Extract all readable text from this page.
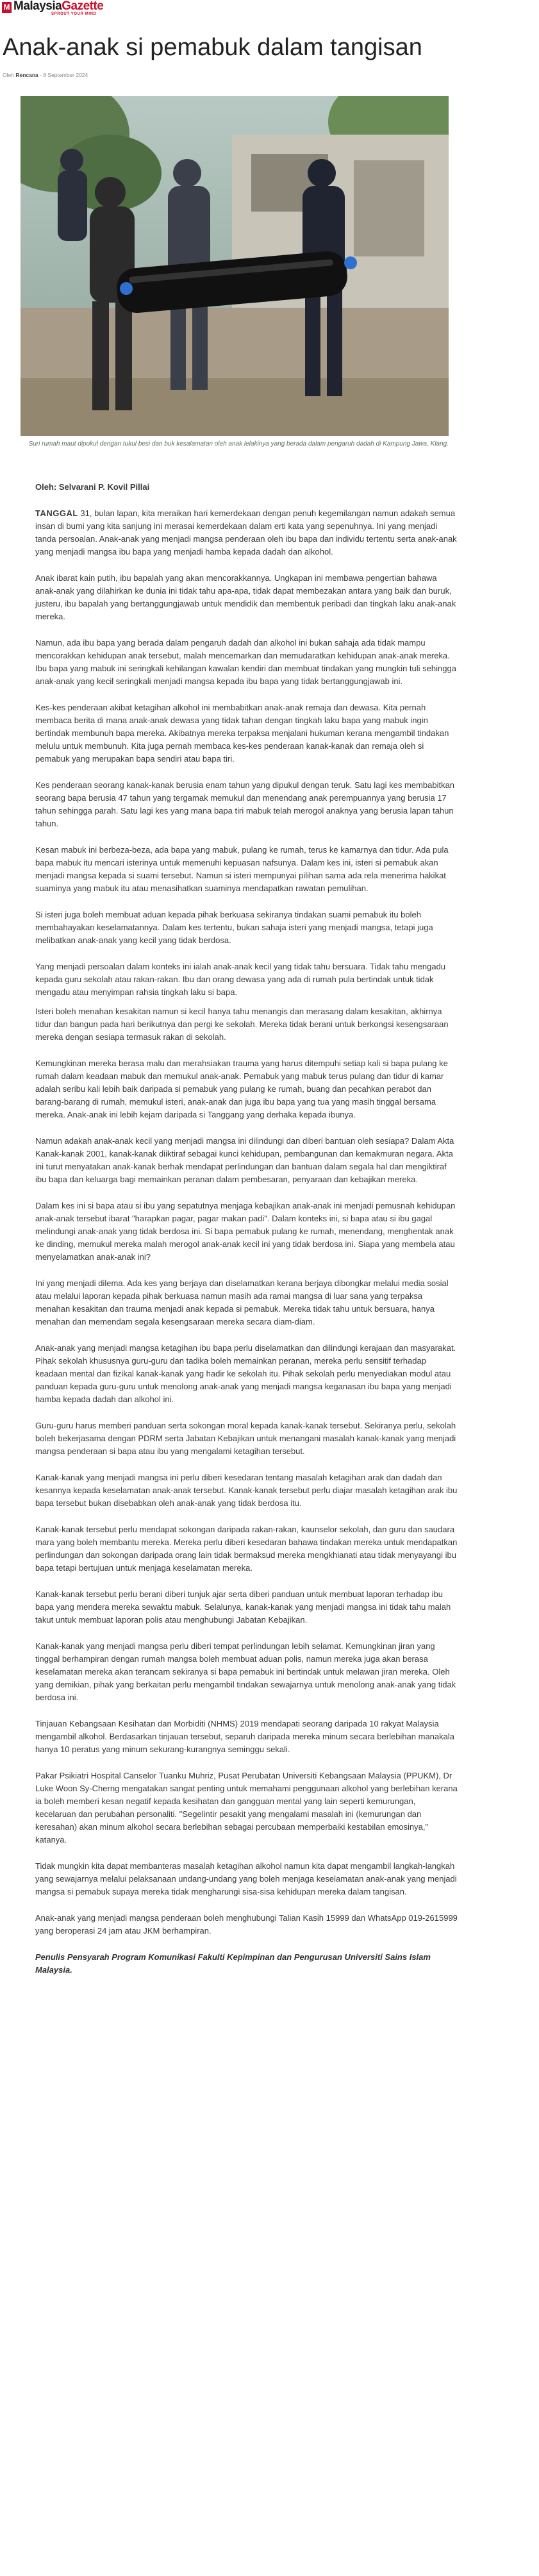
M MalaysiaGazette
SPROUT YOUR MIND
Anak-anak si pemabuk dalam tangisan
Oleh Rencana - 8 September 2024
Suri rumah maut dipukul dengan tukul besi dan buk kesalamatan oleh anak lelakinya yang berada dalam pengaruh dadah di Kampung Jawa, Klang.

Oleh: Selvarani P. Kovil Pillai

TANGGAL 31, bulan lapan, kita meraikan hari kemerdekaan dengan penuh kegemilangan namun adakah semua insan di bumi yang kita sanjung ini merasai kemerdekaan dalam erti kata yang sepenuhnya. Ini yang menjadi tanda persoalan. Anak-anak yang menjadi mangsa penderaan oleh ibu bapa dan individu tertentu serta anak-anak yang menjadi mangsa ibu bapa yang menjadi hamba kepada dadah dan alkohol.

Anak ibarat kain putih, ibu bapalah yang akan mencorakkannya. Ungkapan ini membawa pengertian bahawa anak-anak yang dilahirkan ke dunia ini tidak tahu apa-apa, tidak dapat membezakan antara yang baik dan buruk, justeru, ibu bapalah yang bertanggungjawab untuk mendidik dan membentuk peribadi dan tingkah laku anak-anak mereka.

Namun, ada ibu bapa yang berada dalam pengaruh dadah dan alkohol ini bukan sahaja ada tidak mampu mencorakkan kehidupan anak tersebut, malah mencemarkan dan memudaratkan kehidupan anak-anak mereka. Ibu bapa yang mabuk ini seringkali kehilangan kawalan kendiri dan membuat tindakan yang mungkin tuli sehingga anak-anak yang kecil seringkali menjadi mangsa kepada ibu bapa yang tidak bertanggungjawab ini.

Kes-kes penderaan akibat ketagihan alkohol ini membabitkan anak-anak remaja dan dewasa. Kita pernah membaca berita di mana anak-anak dewasa yang tidak tahan dengan tingkah laku bapa yang mabuk ingin bertindak membunuh bapa mereka. Akibatnya mereka terpaksa menjalani hukuman kerana mengambil tindakan melulu untuk membunuh. Kita juga pernah membaca kes-kes penderaan kanak-kanak dan remaja oleh si pemabuk yang merupakan bapa sendiri atau bapa tiri.

Kes penderaan seorang kanak-kanak berusia enam tahun yang dipukul dengan teruk. Satu lagi kes membabitkan seorang bapa berusia 47 tahun yang tergamak memukul dan menendang anak perempuannya yang berusia 17 tahun sehingga parah. Satu lagi kes yang mana bapa tiri mabuk telah merogol anaknya yang berusia lapan tahun tahun.

Kesan mabuk ini berbeza-beza, ada bapa yang mabuk, pulang ke rumah, terus ke kamarnya dan tidur. Ada pula bapa mabuk itu mencari isterinya untuk memenuhi kepuasan nafsunya. Dalam kes ini, isteri si pemabuk akan menjadi mangsa kepada si suami tersebut. Namun si isteri mempunyai pilihan sama ada rela menerima hakikat suaminya yang mabuk itu atau menasihatkan suaminya mendapatkan rawatan pemulihan.

Si isteri juga boleh membuat aduan kepada pihak berkuasa sekiranya tindakan suami pemabuk itu boleh membahayakan keselamatannya. Dalam kes tertentu, bukan sahaja isteri yang menjadi mangsa, tetapi juga melibatkan anak-anak yang kecil yang tidak berdosa.

Yang menjadi persoalan dalam konteks ini ialah anak-anak kecil yang tidak tahu bersuara. Tidak tahu mengadu kepada guru sekolah atau rakan-rakan. Ibu dan orang dewasa yang ada di rumah pula bertindak untuk tidak mengadu atau menyimpan rahsia tingkah laku si bapa.

Isteri boleh menahan kesakitan namun si kecil hanya tahu menangis dan merasang dalam kesakitan, akhirnya tidur dan bangun pada hari berikutnya dan pergi ke sekolah. Mereka tidak berani untuk berkongsi kesengsaraan mereka dengan sesiapa termasuk rakan di sekolah.

Kemungkinan mereka berasa malu dan merahsiakan trauma yang harus ditempuhi setiap kali si bapa pulang ke rumah dalam keadaan mabuk dan memukul anak-anak. Pemabuk yang mabuk terus pulang dan tidur di kamar adalah seribu kali lebih baik daripada si pemabuk yang pulang ke rumah, buang dan pecahkan perabot dan barang-barang di rumah, memukul isteri, anak-anak dan juga ibu bapa yang tua yang masih tinggal bersama mereka. Anak-anak ini lebih kejam daripada si Tanggang yang derhaka kepada ibunya.

Namun adakah anak-anak kecil yang menjadi mangsa ini dilindungi dan diberi bantuan oleh sesiapa? Dalam Akta Kanak-kanak 2001, kanak-kanak diiktiraf sebagai kunci kehidupan, pembangunan dan kemakmuran negara. Akta ini turut menyatakan anak-kanak berhak mendapat perlindungan dan bantuan dalam segala hal dan mengiktiraf ibu bapa dan keluarga bagi memainkan peranan dalam pembesaran, penyaraan dan kebajikan mereka.

Dalam kes ini si bapa atau si ibu yang sepatutnya menjaga kebajikan anak-anak ini menjadi pemusnah kehidupan anak-anak tersebut ibarat "harapkan pagar, pagar makan padi". Dalam konteks ini, si bapa atau si ibu gagal melindungi anak-anak yang tidak berdosa ini. Si bapa pemabuk pulang ke rumah, menendang, menghentak anak ke dinding, memukul mereka malah merogol anak-anak kecil ini yang tidak berdosa ini. Siapa yang membela atau menyelamatkan anak-anak ini?

Ini yang menjadi dilema. Ada kes yang berjaya dan diselamatkan kerana berjaya dibongkar melalui media sosial atau melalui laporan kepada pihak berkuasa namun masih ada ramai mangsa di luar sana yang terpaksa menahan kesakitan dan trauma menjadi anak kepada si pemabuk. Mereka tidak tahu untuk bersuara, hanya menahan dan memendam segala kesengsaraan mereka secara diam-diam.

Anak-anak yang menjadi mangsa ketagihan ibu bapa perlu diselamatkan dan dilindungi kerajaan dan masyarakat. Pihak sekolah khususnya guru-guru dan tadika boleh memainkan peranan, mereka perlu sensitif terhadap keadaan mental dan fizikal kanak-kanak yang hadir ke sekolah itu. Pihak sekolah perlu menyediakan modul atau panduan kepada guru-guru untuk menolong anak-anak yang menjadi mangsa keganasan ibu bapa yang menjadi hamba kepada dadah dan alkohol ini.

Guru-guru harus memberi panduan serta sokongan moral kepada kanak-kanak tersebut. Sekiranya perlu, sekolah boleh bekerjasama dengan PDRM serta Jabatan Kebajikan untuk menangani masalah kanak-kanak yang menjadi mangsa penderaan si bapa atau ibu yang mengalami ketagihan tersebut.

Kanak-kanak yang menjadi mangsa ini perlu diberi kesedaran tentang masalah ketagihan arak dan dadah dan kesannya kepada keselamatan anak-anak tersebut. Kanak-kanak tersebut perlu diajar masalah ketagihan arak ibu bapa tersebut bukan disebabkan oleh anak-anak yang tidak berdosa itu.

Kanak-kanak tersebut perlu mendapat sokongan daripada rakan-rakan, kaunselor sekolah, dan guru dan saudara mara yang boleh membantu mereka. Mereka perlu diberi kesedaran bahawa tindakan mereka untuk mendapatkan perlindungan dan sokongan daripada orang lain tidak bermaksud mereka mengkhianati atau tidak menyayangi ibu bapa tetapi bertujuan untuk menjaga keselamatan mereka.

Kanak-kanak tersebut perlu berani diberi tunjuk ajar serta diberi panduan untuk membuat laporan terhadap ibu bapa yang mendera mereka sewaktu mabuk. Selalunya, kanak-kanak yang menjadi mangsa ini tidak tahu malah takut untuk membuat laporan polis atau menghubungi Jabatan Kebajikan.

Kanak-kanak yang menjadi mangsa perlu diberi tempat perlindungan lebih selamat. Kemungkinan jiran yang tinggal berhampiran dengan rumah mangsa boleh membuat aduan polis, namun mereka juga akan berasa keselamatan mereka akan terancam sekiranya si bapa pemabuk ini bertindak untuk melawan jiran mereka. Oleh yang demikian, pihak yang berkaitan perlu mengambil tindakan sewajarnya untuk menolong anak-anak yang tidak berdosa ini.

Tinjauan Kebangsaan Kesihatan dan Morbiditi (NHMS) 2019 mendapati seorang daripada 10 rakyat Malaysia mengambil alkohol. Berdasarkan tinjauan tersebut, separuh daripada mereka minum secara berlebihan manakala hanya 10 peratus yang minum sekurang-kurangnya seminggu sekali.

Pakar Psikiatri Hospital Canselor Tuanku Muhriz, Pusat Perubatan Universiti Kebangsaan Malaysia (PPUKM), Dr Luke Woon Sy-Cherng mengatakan sangat penting untuk memahami penggunaan alkohol yang berlebihan kerana ia boleh memberi kesan negatif kepada kesihatan dan gangguan mental yang lain seperti kemurungan, kecelaruan dan perubahan personaliti. "Segelintir pesakit yang mengalami masalah ini (kemurungan dan keresahan) akan minum alkohol secara berlebihan sebagai percubaan memperbaiki kestabilan emosinya," katanya.

Tidak mungkin kita dapat membanteras masalah ketagihan alkohol namun kita dapat mengambil langkah-langkah yang sewajarnya melalui pelaksanaan undang-undang yang boleh menjaga keselamatan anak-anak yang menjadi mangsa si pemabuk supaya mereka tidak mengharungi sisa-sisa kehidupan mereka dalam tangisan.

Anak-anak yang menjadi mangsa penderaan boleh menghubungi Talian Kasih 15999 dan WhatsApp 019-2615999 yang beroperasi 24 jam atau JKM berhampiran.

Penulis Pensyarah Program Komunikasi Fakulti Kepimpinan dan Pengurusan Universiti Sains Islam Malaysia.
